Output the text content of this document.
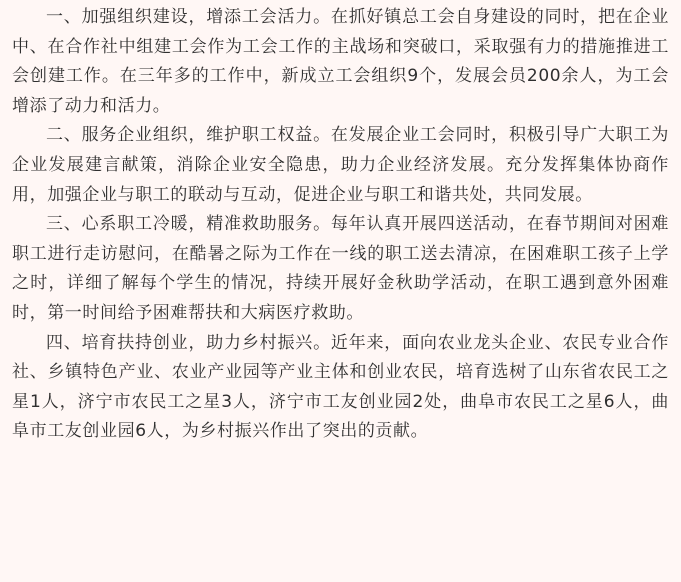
一、加强组织建设，增添工会活力。在抓好镇总工会自身建设的同时，把在企业中、在合作社中组建工会作为工会工作的主战场和突破口，采取强有力的措施推进工会创建工作。在三年多的工作中，新成立工会组织9个，发展会员200余人，为工会增添了动力和活力。

二、服务企业组织，维护职工权益。在发展企业工会同时，积极引导广大职工为企业发展建言献策，消除企业安全隐患，助力企业经济发展。充分发挥集体协商作用，加强企业与职工的联动与互动，促进企业与职工和谐共处，共同发展。

三、心系职工冷暖，精准救助服务。每年认真开展四送活动，在春节期间对困难职工进行走访慰问，在酷暑之际为工作在一线的职工送去清凉，在困难职工孩子上学之时，详细了解每个学生的情况，持续开展好金秋助学活动，在职工遇到意外困难时，第一时间给予困难帮扶和大病医疗救助。

四、培育扶持创业，助力乡村振兴。近年来，面向农业龙头企业、农民专业合作社、乡镇特色产业、农业产业园等产业主体和创业农民，培育选树了山东省农民工之星1人，济宁市农民工之星3人，济宁市工友创业园2处，曲阜市农民工之星6人，曲阜市工友创业园6人，为乡村振兴作出了突出的贡献。
